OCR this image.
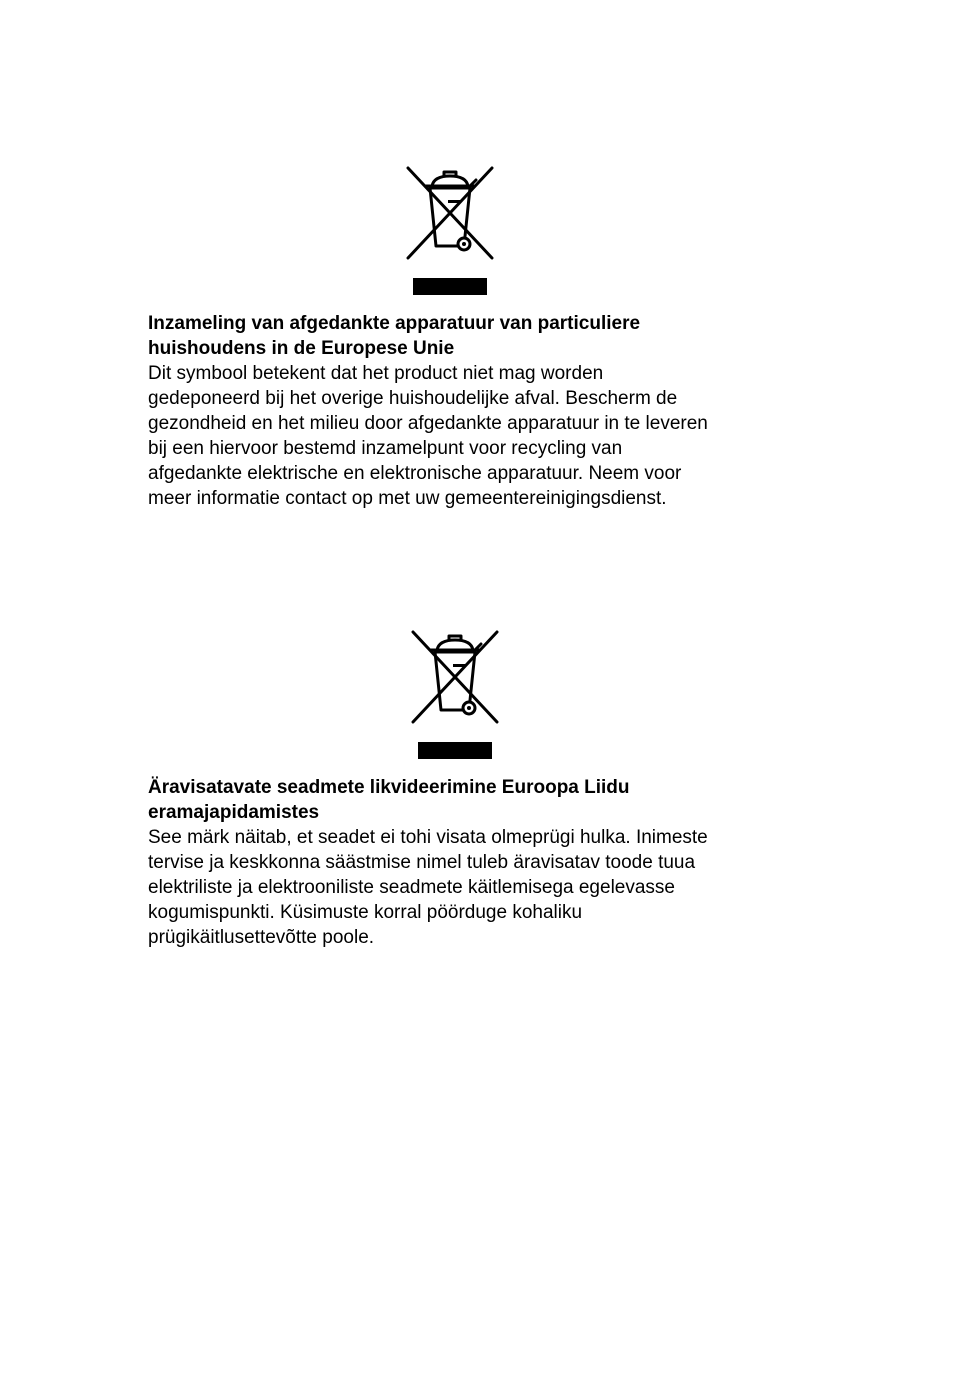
Inzameling van afgedankte apparatuur van particuliere
huishoudens in de Europese Unie

Dit symbool betekent dat het product niet mag worden
gedeponeerd bij het overige huishoudelijke afval. Bescherm de
gezondheid en het milieu door afgedankte apparatuur in te leveren
bij een hiervoor bestemd inzamelpunt voor recycling van
afgedankte elektrische en elektronische apparatuur. Neem voor
meer informatie contact op met uw gemeentereinigingsdienst.

Äravisatavate seadmete likvideerimine Euroopa Liidu
eramajapidamistes

See märk näitab, et seadet ei tohi visata olmeprügi hulka. Inimeste
tervise ja keskkonna säästmise nimel tuleb äravisatav toode tuua
elektriliste ja elektrooniliste seadmete käitlemisega egelevasse
kogumispunkti. Küsimuste korral pöörduge kohaliku
prügikäitlusettevõtte poole.
